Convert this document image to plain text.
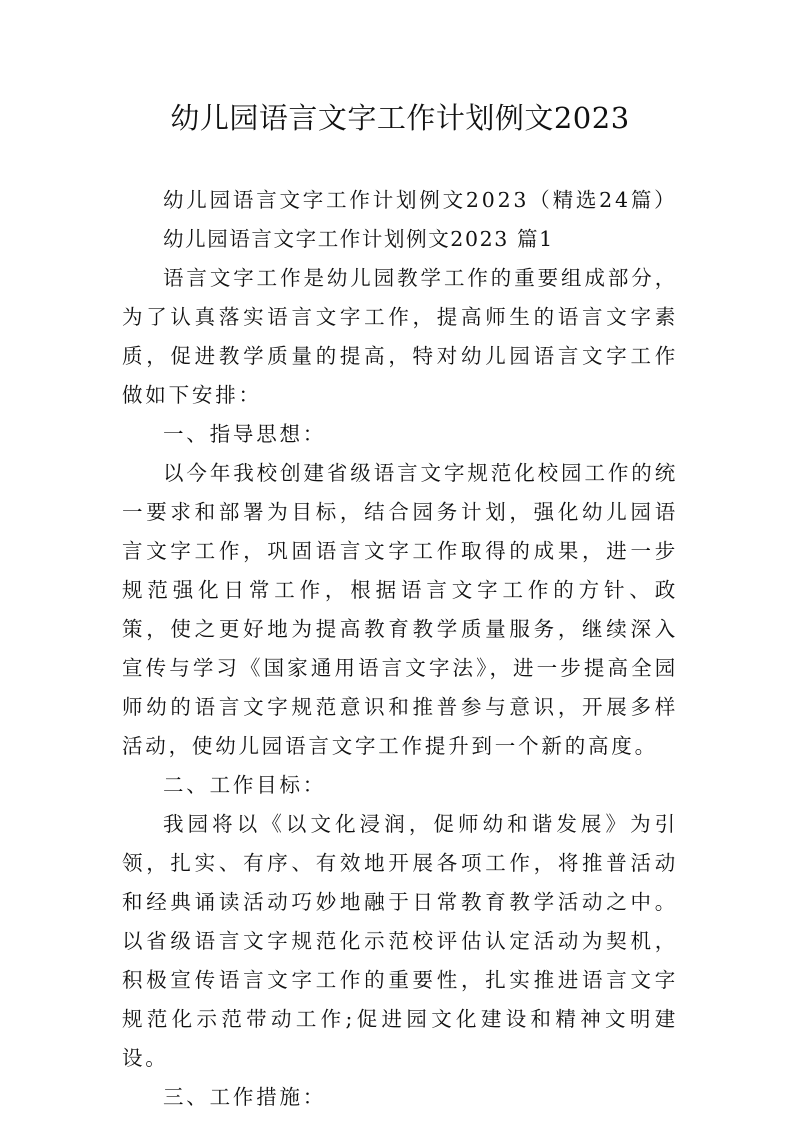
幼儿园语言文字工作计划例文2023

幼儿园语言文字工作计划例文2023（精选24篇）

幼儿园语言文字工作计划例文2023 篇1

语言文字工作是幼儿园教学工作的重要组成部分，为了认真落实语言文字工作，提高师生的语言文字素质，促进教学质量的提高，特对幼儿园语言文字工作做如下安排：

一、指导思想：

以今年我校创建省级语言文字规范化校园工作的统一要求和部署为目标，结合园务计划，强化幼儿园语言文字工作，巩固语言文字工作取得的成果，进一步规范强化日常工作，根据语言文字工作的方针、政策，使之更好地为提高教育教学质量服务，继续深入宣传与学习《国家通用语言文字法》，进一步提高全园师幼的语言文字规范意识和推普参与意识，开展多样活动，使幼儿园语言文字工作提升到一个新的高度。

二、工作目标：

我园将以《以文化浸润，促师幼和谐发展》为引领，扎实、有序、有效地开展各项工作，将推普活动和经典诵读活动巧妙地融于日常教育教学活动之中。以省级语言文字规范化示范校评估认定活动为契机，积极宣传语言文字工作的重要性，扎实推进语言文字规范化示范带动工作;促进园文化建设和精神文明建设。

三、工作措施：
